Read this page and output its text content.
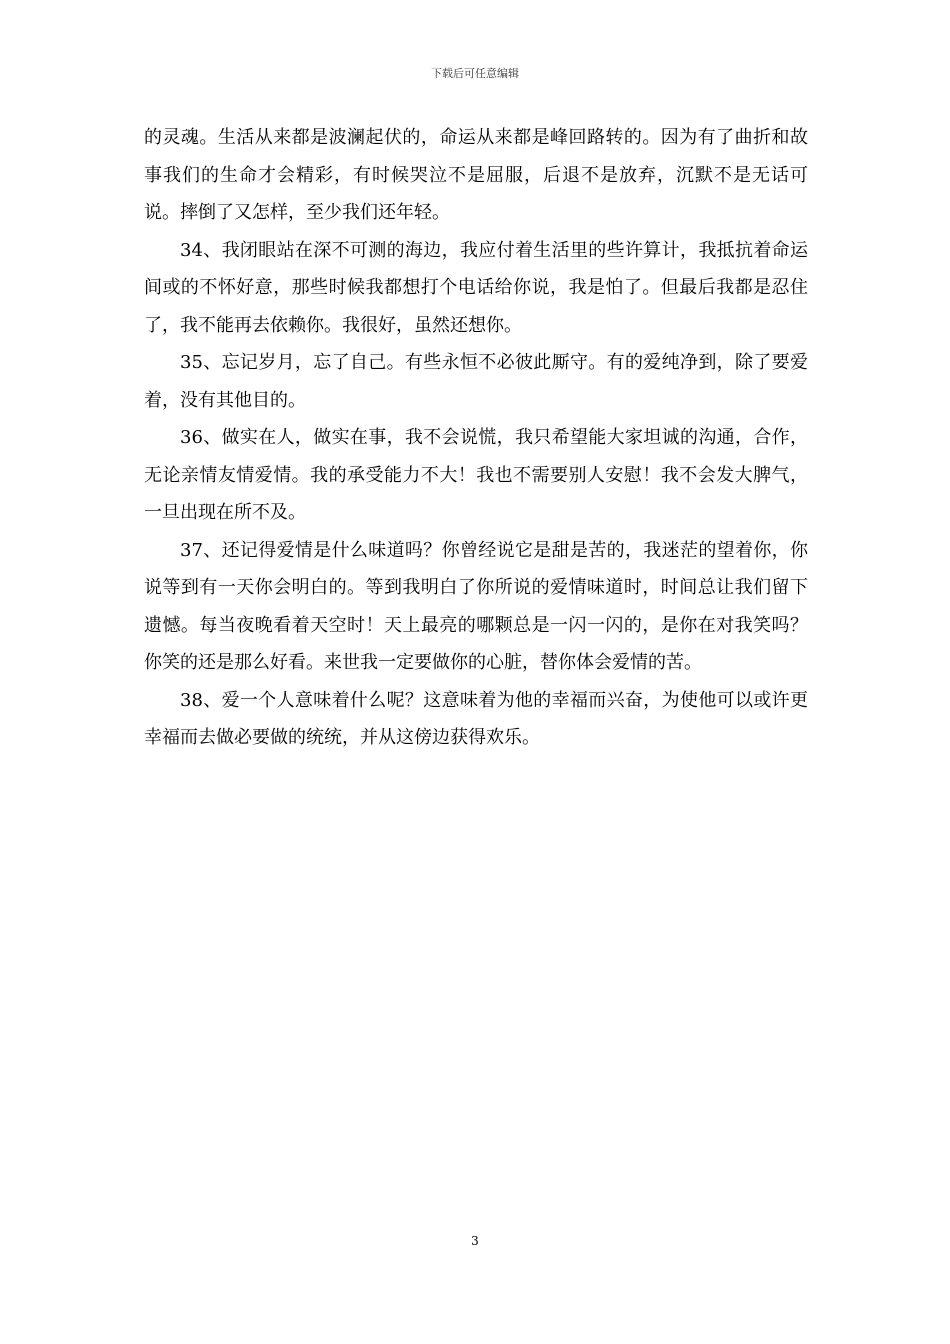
下载后可任意编辑

的灵魂。生活从来都是波澜起伏的，命运从来都是峰回路转的。因为有了曲折和故事我们的生命才会精彩，有时候哭泣不是屈服，后退不是放弃，沉默不是无话可说。摔倒了又怎样，至少我们还年轻。

34、我闭眼站在深不可测的海边，我应付着生活里的些许算计，我抵抗着命运间或的不怀好意，那些时候我都想打个电话给你说，我是怕了。但最后我都是忍住了，我不能再去依赖你。我很好，虽然还想你。

35、忘记岁月，忘了自己。有些永恒不必彼此厮守。有的爱纯净到，除了要爱着，没有其他目的。

36、做实在人，做实在事，我不会说慌，我只希望能大家坦诚的沟通，合作，无论亲情友情爱情。我的承受能力不大！我也不需要别人安慰！我不会发大脾气，一旦出现在所不及。

37、还记得爱情是什么味道吗？你曾经说它是甜是苦的，我迷茫的望着你，你说等到有一天你会明白的。等到我明白了你所说的爱情味道时，时间总让我们留下遗憾。每当夜晚看着天空时！天上最亮的哪颗总是一闪一闪的，是你在对我笑吗？你笑的还是那么好看。来世我一定要做你的心脏，替你体会爱情的苦。

38、爱一个人意味着什么呢？这意味着为他的幸福而兴奋，为使他可以或许更幸福而去做必要做的统统，并从这傍边获得欢乐。

3
